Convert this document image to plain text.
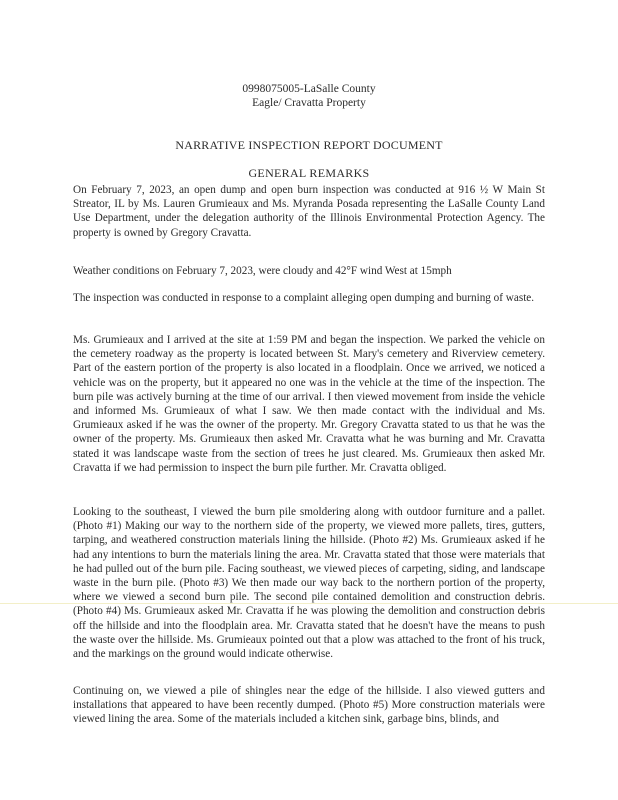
0998075005-LaSalle County
Eagle/ Cravatta Property
NARRATIVE INSPECTION REPORT DOCUMENT
GENERAL REMARKS

On February 7, 2023, an open dump and open burn inspection was conducted at 916 ½ W Main St Streator, IL by Ms. Lauren Grumieaux and Ms. Myranda Posada representing the LaSalle County Land Use Department, under the delegation authority of the Illinois Environmental Protection Agency. The property is owned by Gregory Cravatta.

Weather conditions on February 7, 2023, were cloudy and 42°F wind West at 15mph

The inspection was conducted in response to a complaint alleging open dumping and burning of waste.

Ms. Grumieaux and I arrived at the site at 1:59 PM and began the inspection. We parked the vehicle on the cemetery roadway as the property is located between St. Mary's cemetery and Riverview cemetery. Part of the eastern portion of the property is also located in a floodplain. Once we arrived, we noticed a vehicle was on the property, but it appeared no one was in the vehicle at the time of the inspection. The burn pile was actively burning at the time of our arrival. I then viewed movement from inside the vehicle and informed Ms. Grumieaux of what I saw. We then made contact with the individual and Ms. Grumieaux asked if he was the owner of the property. Mr. Gregory Cravatta stated to us that he was the owner of the property. Ms. Grumieaux then asked Mr. Cravatta what he was burning and Mr. Cravatta stated it was landscape waste from the section of trees he just cleared. Ms. Grumieaux then asked Mr. Cravatta if we had permission to inspect the burn pile further. Mr. Cravatta obliged.

Looking to the southeast, I viewed the burn pile smoldering along with outdoor furniture and a pallet. (Photo #1) Making our way to the northern side of the property, we viewed more pallets, tires, gutters, tarping, and weathered construction materials lining the hillside. (Photo #2) Ms. Grumieaux asked if he had any intentions to burn the materials lining the area. Mr. Cravatta stated that those were materials that he had pulled out of the burn pile. Facing southeast, we viewed pieces of carpeting, siding, and landscape waste in the burn pile. (Photo #3) We then made our way back to the northern portion of the property, where we viewed a second burn pile. The second pile contained demolition and construction debris. (Photo #4) Ms. Grumieaux asked Mr. Cravatta if he was plowing the demolition and construction debris off the hillside and into the floodplain area. Mr. Cravatta stated that he doesn't have the means to push the waste over the hillside. Ms. Grumieaux pointed out that a plow was attached to the front of his truck, and the markings on the ground would indicate otherwise.

Continuing on, we viewed a pile of shingles near the edge of the hillside. I also viewed gutters and installations that appeared to have been recently dumped. (Photo #5) More construction materials were viewed lining the area. Some of the materials included a kitchen sink, garbage bins, blinds, and
